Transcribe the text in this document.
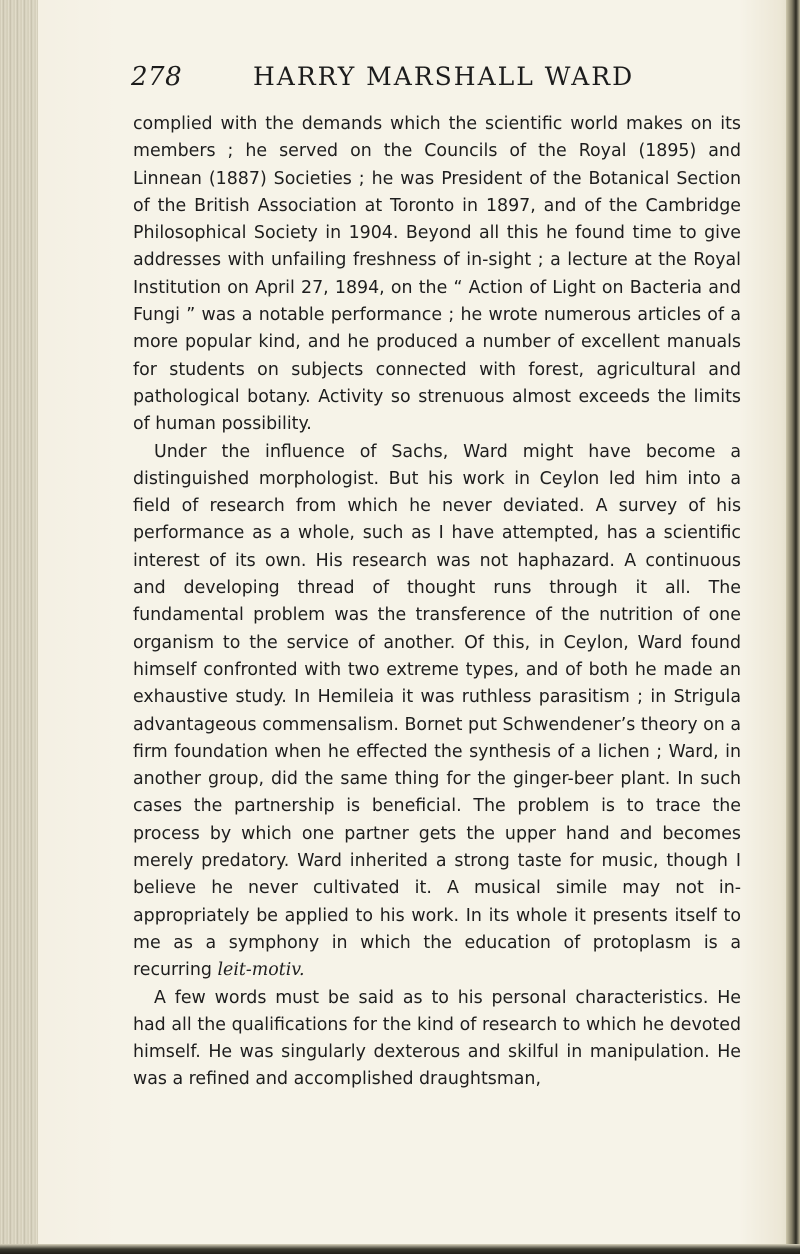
278	HARRY MARSHALL WARD

complied with the demands which the scientific world makes on its members ; he served on the Councils of the Royal (1895) and Linnean (1887) Societies ; he was President of the Botanical Section of the British Association at Toronto in 1897, and of the Cambridge Philosophical Society in 1904. Beyond all this he found time to give addresses with unfailing freshness of in-sight ; a lecture at the Royal Institution on April 27, 1894, on the “ Action of Light on Bacteria and Fungi ” was a notable performance ; he wrote numerous articles of a more popular kind, and he produced a number of excellent manuals for students on subjects connected with forest, agricultural and pathological botany. Activity so strenuous almost exceeds the limits of human possibility.

Under the influence of Sachs, Ward might have become a distinguished morphologist. But his work in Ceylon led him into a field of research from which he never deviated. A survey of his performance as a whole, such as I have attempted, has a scientific interest of its own. His research was not haphazard. A continuous and developing thread of thought runs through it all. The fundamental problem was the transference of the nutrition of one organism to the service of another. Of this, in Ceylon, Ward found himself confronted with two extreme types, and of both he made an exhaustive study. In Hemileia it was ruthless parasitism ; in Strigula advantageous commensalism. Bornet put Schwendener’s theory on a firm foundation when he effected the synthesis of a lichen ; Ward, in another group, did the same thing for the ginger-beer plant. In such cases the partnership is beneficial. The problem is to trace the process by which one partner gets the upper hand and becomes merely predatory. Ward inherited a strong taste for music, though I believe he never cultivated it. A musical simile may not in-appropriately be applied to his work. In its whole it presents itself to me as a symphony in which the education of protoplasm is a recurring leit-motiv.

A few words must be said as to his personal characteristics. He had all the qualifications for the kind of research to which he devoted himself. He was singularly dexterous and skilful in manipulation. He was a refined and accomplished draughtsman,
